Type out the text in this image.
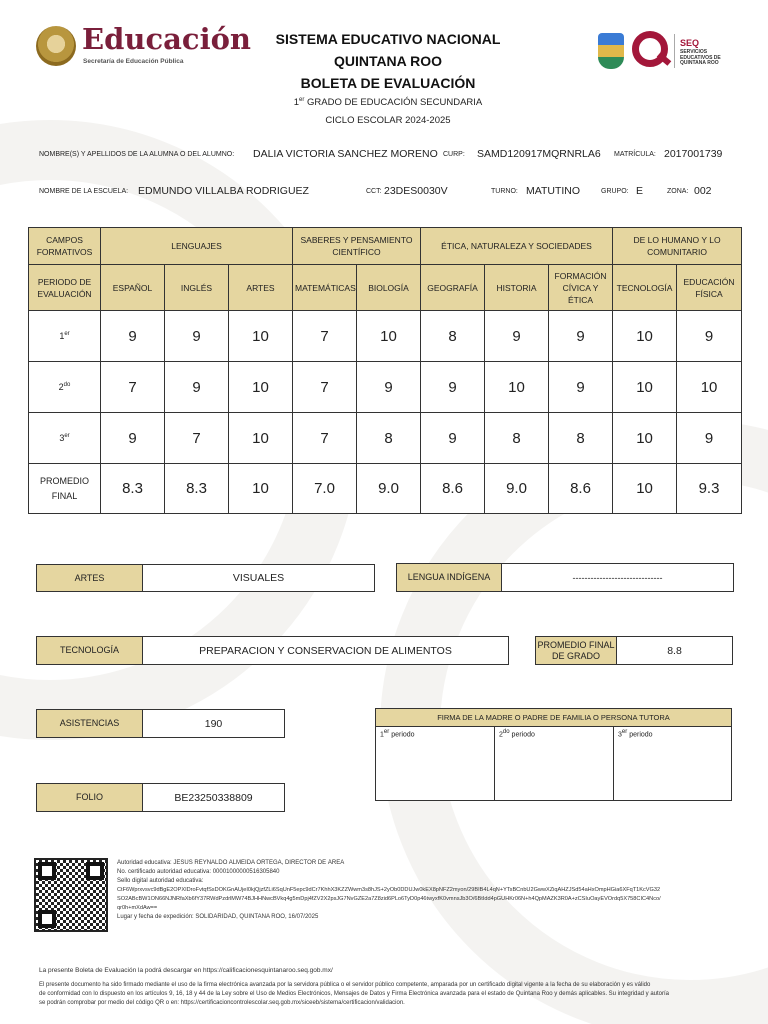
Educación
Secretaría de Educación Pública
SISTEMA EDUCATIVO NACIONAL
QUINTANA ROO
BOLETA DE EVALUACIÓN
1er GRADO DE EDUCACIÓN SECUNDARIA
CICLO ESCOLAR 2024-2025
SEQ
SERVICIOS EDUCATIVOS DE QUINTANA ROO
NOMBRE(S) Y APELLIDOS DE LA ALUMNA O DEL ALUMNO: DALIA VICTORIA SANCHEZ MORENO CURP: SAMD120917MQRNRLA6 MATRÍCULA: 2017001739
NOMBRE DE LA ESCUELA: EDMUNDO VILLALBA RODRIGUEZ	CCT: 23DES0030V	TURNO: MATUTINO	GRUPO: E	ZONA: 002
CAMPOS FORMATIVOS	LENGUAJES			SABERES Y PENSAMIENTO CIENTÍFICO		ÉTICA, NATURALEZA Y SOCIEDADES			DE LO HUMANO Y LO COMUNITARIO	
PERIODO DE EVALUACIÓN	ESPAÑOL	INGLÉS	ARTES	MATEMÁTICAS	BIOLOGÍA	GEOGRAFÍA	HISTORIA	FORMACIÓN CÍVICA Y ÉTICA	TECNOLOGÍA	EDUCACIÓN FÍSICA
1er	9	9	10	7	10	8	9	9	10	9
$2^{do}$	7	9	10	7	9	9	10	9	10	10
3er	9	7	10	7	8	9	8	8	10	9
PROMEDIO FINAL	8.3	8.3	10	7.0	9.0	8.6	9.0	8.6	10	9.3
ARTES	VISUALES	LENGUA INDÍGENA	------------------------------
TECNOLOGÍA	PREPARACION Y CONSERVACION DE ALIMENTOS	PROMEDIO FINAL DE GRADO	8.8
ASISTENCIAS	190
FOLIO	BE23250338809
FIRMA DE LA MADRE O PADRE DE FAMILIA O PERSONA TUTORA
1er periodo	2do periodo	3er periodo
Autoridad educativa: JESUS REYNALDO ALMEIDA ORTEGA, DIRECTOR DE ÁREA
No. certificado autoridad educativa: 00001000000516305840
Sello digital autoridad educativa:
CtF6Wprxvsvc9dBgE2OPXIDroFvtqfSsDOKGnAUjeI0kjQjzfZLi6SqUnF5epc9dCr7KhhX3KZZWwm3s8hJS+2yOb0DDUJw0kEX8pNFZ2myon/29BIB4L4qN+YTsBCnbU2GwwXZiqAHZJSd54aHxOmpHGia6XFqT1KcVG32
SO2ABcBW1ON66NJNRfaXb6fY37RWdPzdrlMW74BJHHNwcBVkq4g5mDpj4fZV2X2psJG7NvGZE2a7Z8zid6PLo6TyD0p46twyxfK0vmnsJb3O/6BtIdd4pGUHKr06N+h4QpMAZK3R0A+zCSIuOayEVOrdq5X758CIC4Nco/
qr0h+mXdAw==
Lugar y fecha de expedición: SOLIDARIDAD, QUINTANA ROO, 16/07/2025
La presente Boleta de Evaluación la podrá descargar en https://calificacionesquintanaroo.seq.gob.mx/
El presente documento ha sido firmado mediante el uso de la firma electrónica avanzada por la servidora pública o el servidor público competente, amparada por un certificado digital vigente a la fecha de su elaboración y es válido
de conformidad con lo dispuesto en los artículos 9, 16, 18 y 44 de la Ley sobre el Uso de Medios Electrónicos, Mensajes de Datos y Firma Electrónica avanzada para el estado de Quintana Roo y demás aplicables. Su integridad y autoría
se podrán comprobar por medio del código QR o en: https://certificacioncontrolescolar.seq.gob.mx/siceeb/sistema/certificacion/validacion.
